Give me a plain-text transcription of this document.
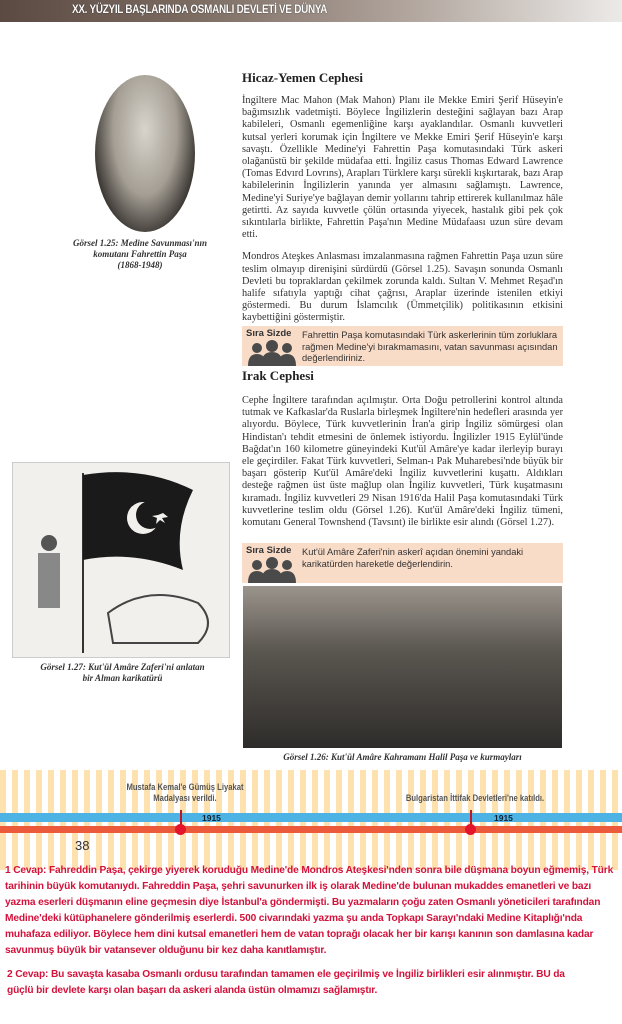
XX. YÜZYIL BAŞLARINDA OSMANLI DEVLETİ VE DÜNYA
Görsel 1.25: Medine Savunması'nın
komutanı Fahrettin Paşa
(1868-1948)
Hicaz-Yemen Cephesi

İngiltere Mac Mahon (Mak Mahon) Planı ile Mekke Emiri Şerif Hüseyin'e bağımsızlık vadetmişti. Böylece İngilizlerin desteğini sağlayan bazı Arap kabileleri, Osmanlı egemenliğine karşı ayaklandılar. Osmanlı kuvvetleri kutsal yerleri korumak için İngiltere ve Mekke Emiri Şerif Hüseyin'e karşı savaştı. Özellikle Medine'yi Fahrettin Paşa komutasındaki Türk askeri olağanüstü bir şekilde müdafaa etti. İngiliz casus Thomas Edward Lawrence (Tomas Edvırd Lovrıns), Arapları Türklere karşı sürekli kışkırtarak, bazı Arap kabilelerinin İngilizlerin yanında yer almasını sağlamıştı. Lawrence, Medine'yi Suriye'ye bağlayan demir yollarını tahrip ettirerek kullanılmaz hâle getirtti. Az sayıda kuvvetle çölün ortasında yiyecek, hastalık gibi pek çok sıkıntılarla birlikte, Fahrettin Paşa'nın Medine Müdafaası uzun süre devam etti.

Mondros Ateşkes Anlasması imzalanmasına rağmen Fahrettin Paşa uzun süre teslim olmayıp direnişini sürdürdü (Görsel 1.25). Savaşın sonunda Osmanlı Devleti bu topraklardan çekilmek zorunda kaldı. Sultan V. Mehmet Reşad'ın halife sıfatıyla yaptığı cihat çağrısı, Araplar üzerinde istenilen etkiyi göstermedi. Bu durum İslamcılık (Ümmetçilik) politikasının etkisini kaybettiğini göstermiştir.

Sıra Sizde Fahrettin Paşa komutasındaki Türk askerlerinin tüm zorluklara rağmen Medine'yi bırakmamasını, vatan savunması açısından değerlendiriniz.
Irak Cephesi

Cephe İngiltere tarafından açılmıştır. Orta Doğu petrollerini kontrol altında tutmak ve Kafkaslar'da Ruslarla birleşmek İngiltere'nin hedefleri arasında yer alıyordu. Böylece, Türk kuvvetlerinin İran'a girip İngiliz sömürgesi olan Hindistan'ı tehdit etmesini de önlemek istiyordu. İngilizler 1915 Eylül'ünde Bağdat'ın 160 kilometre güneyindeki Kut'ül Amâre'ye kadar ilerleyip burayı ele geçirdiler. Fakat Türk kuvvetleri, Selman-ı Pak Muharebesi'nde büyük bir başarı gösterip Kut'ül Amâre'deki İngiliz kuvvetlerini kuşattı. Aldıkları desteğe rağmen üst üste mağlup olan İngiliz kuvvetleri, Türk kuşatmasını kıramadı. İngiliz kuvvetleri 29 Nisan 1916'da Halil Paşa komutasındaki Türk kuvvetlerine teslim oldu (Görsel 1.26). Kut'ül Amâre'deki İngiliz tümeni, komutanı General Townshend (Tavsınt) ile birlikte esir alındı (Görsel 1.27).

Sıra Sizde Kut'ül Amâre Zaferi'nin askerî açıdan önemini yandaki karikatürden hareketle değerlendirin.
Görsel 1.26: Kut'ül Amâre Kahramanı Halil Paşa ve kurmayları
Görsel 1.27: Kut'ül Amâre Zaferi'ni anlatan
bir Alman karikatürü
Mustafa Kemal'e Gümüş Liyakat
Madalyası verildi.	Bulgaristan İttifak Devletleri'ne katıldı.
1915	1915
38
1 Cevap: Fahreddin Paşa, çekirge yiyerek koruduğu Medine'de Mondros Ateşkesi'nden sonra bile düşmana boyun eğmemiş, Türk tarihinin büyük komutanıydı. Fahreddin Paşa, şehri savunurken ilk iş olarak Medine'de bulunan mukaddes emanetleri ve bazı yazma eserleri düşmanın eline geçmesin diye İstanbul'a göndermişti. Bu yazmaların çoğu zaten Osmanlı yöneticileri tarafından Medine'deki kütüphanelere gönderilmiş eserlerdi. 500 civarındaki yazma şu anda Topkapı Sarayı'ndaki Medine Kitaplığı'nda muhafaza ediliyor. Böylece hem dini kutsal emanetleri hem de vatan toprağı olacak her bir karışı kanının son damlasına kadar savunmuş büyük bir vatansever olduğunu bir kez daha kanıtlamıştır.
2 Cevap: Bu savaşta kasaba Osmanlı ordusu tarafından tamamen ele geçirilmiş ve İngiliz birlikleri esir alınmıştır. BU da güçlü bir devlete karşı olan başarı da askeri alanda üstün olmamızı sağlamıştır.
